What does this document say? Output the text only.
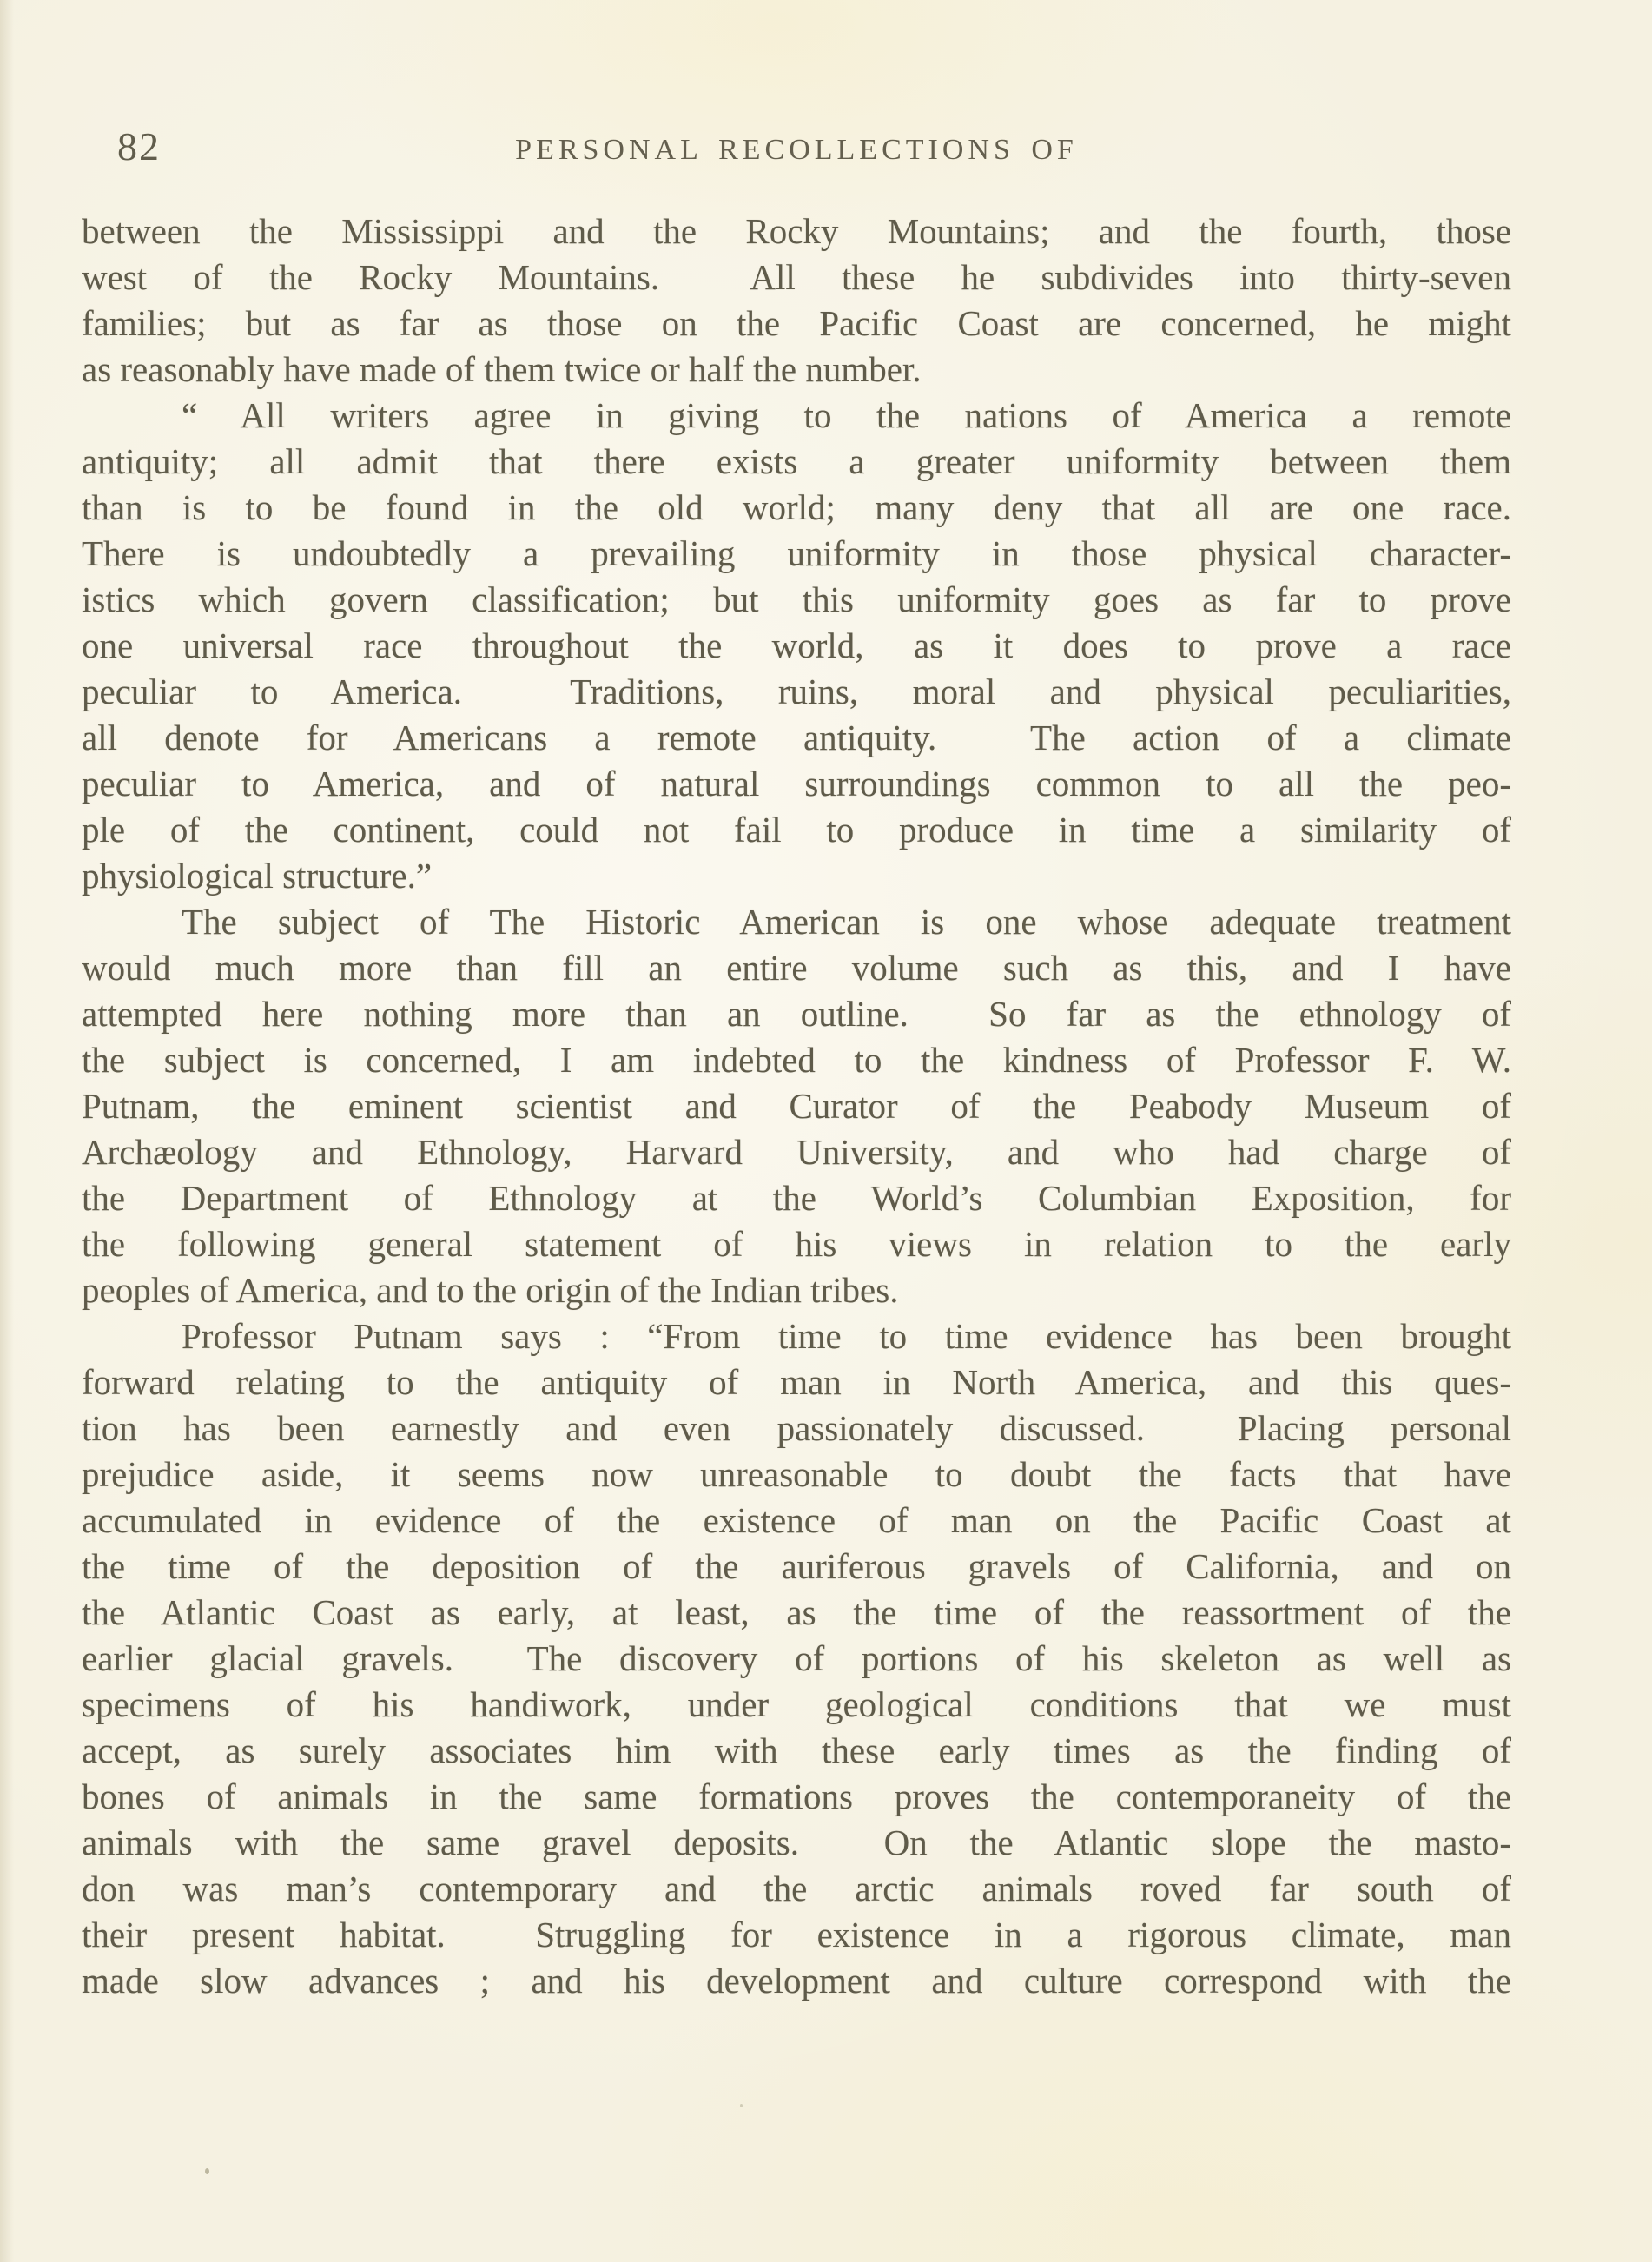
82	PERSONAL RECOLLECTIONS OF
between the Mississippi and the Rocky Mountains; and the fourth, those
west of the Rocky Mountains.  All these he subdivides into thirty-seven
families; but as far as those on the Pacific Coast are concerned, he might
as reasonably have made of them twice or half the number.
“ All writers agree in giving to the nations of America a remote
antiquity; all admit that there exists a greater uniformity between them
than is to be found in the old world; many deny that all are one race.
There is undoubtedly a prevailing uniformity in those physical character-
istics which govern classification; but this uniformity goes as far to prove
one universal race throughout the world, as it does to prove a race
peculiar to America.  Traditions, ruins, moral and physical peculiarities,
all denote for Americans a remote antiquity.  The action of a climate
peculiar to America, and of natural surroundings common to all the peo-
ple of the continent, could not fail to produce in time a similarity of
physiological structure.”
The subject of The Historic American is one whose adequate treatment
would much more than fill an entire volume such as this, and I have
attempted here nothing more than an outline.  So far as the ethnology of
the subject is concerned, I am indebted to the kindness of Professor F. W.
Putnam, the eminent scientist and Curator of the Peabody Museum of
Archæology and Ethnology, Harvard University, and who had charge of
the Department of Ethnology at the World’s Columbian Exposition, for
the following general statement of his views in relation to the early
peoples of America, and to the origin of the Indian tribes.
Professor Putnam says : “From time to time evidence has been brought
forward relating to the antiquity of man in North America, and this ques-
tion has been earnestly and even passionately discussed.  Placing personal
prejudice aside, it seems now unreasonable to doubt the facts that have
accumulated in evidence of the existence of man on the Pacific Coast at
the time of the deposition of the auriferous gravels of California, and on
the Atlantic Coast as early, at least, as the time of the reassortment of the
earlier glacial gravels.  The discovery of portions of his skeleton as well as
specimens of his handiwork, under geological conditions that we must
accept, as surely associates him with these early times as the finding of
bones of animals in the same formations proves the contemporaneity of the
animals with the same gravel deposits.  On the Atlantic slope the masto-
don was man’s contemporary and the arctic animals roved far south of
their present habitat.  Struggling for existence in a rigorous climate, man
made slow advances ; and his development and culture correspond with the
